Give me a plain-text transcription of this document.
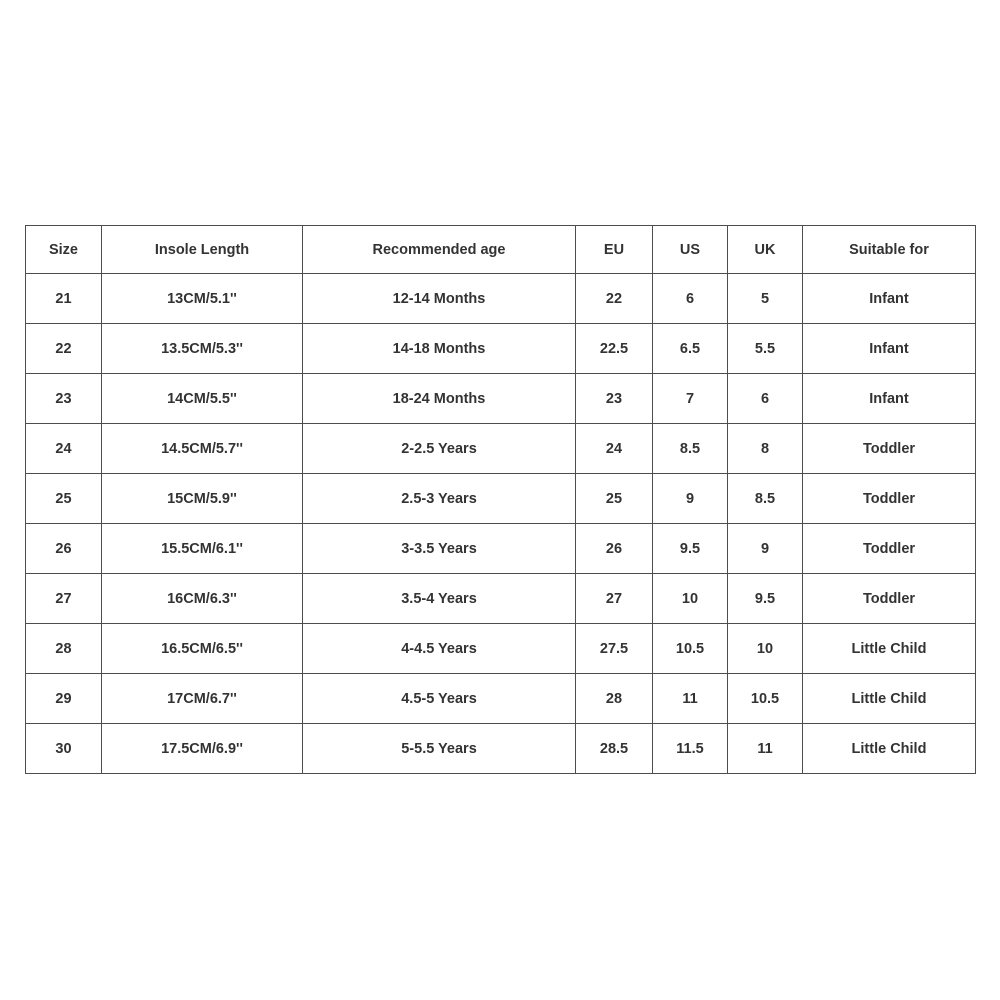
Size	Insole Length	Recommended age	EU	US	UK	Suitable for
21	13CM/5.1''	12-14 Months	22	6	5	Infant
22	13.5CM/5.3''	14-18 Months	22.5	6.5	5.5	Infant
23	14CM/5.5''	18-24 Months	23	7	6	Infant
24	14.5CM/5.7''	2-2.5 Years	24	8.5	8	Toddler
25	15CM/5.9''	2.5-3 Years	25	9	8.5	Toddler
26	15.5CM/6.1''	3-3.5 Years	26	9.5	9	Toddler
27	16CM/6.3''	3.5-4 Years	27	10	9.5	Toddler
28	16.5CM/6.5''	4-4.5 Years	27.5	10.5	10	Little Child
29	17CM/6.7''	4.5-5 Years	28	11	10.5	Little Child
30	17.5CM/6.9''	5-5.5 Years	28.5	11.5	11	Little Child
